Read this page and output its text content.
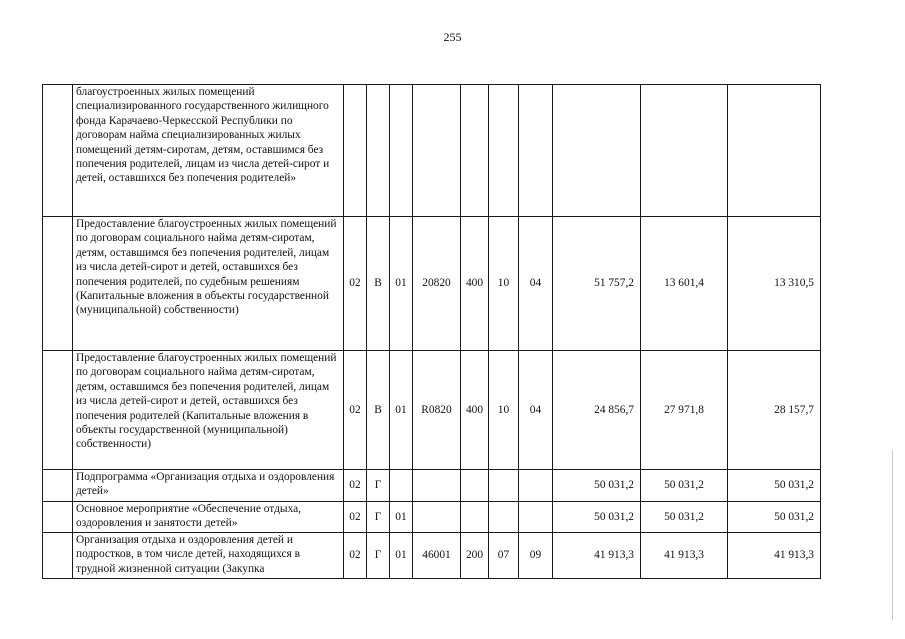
255
	благоустроенных жилых помещений специализированного государственного жилищного фонда Карачаево-Черкесской Республики по договорам найма специализированных жилых помещений детям-сиротам, детям, оставшимся без попечения родителей, лицам из числа детей-сирот и детей, оставшихся без попечения родителей»										
	Предоставление благоустроенных жилых помещений по договорам социального найма детям-сиротам, детям, оставшимся без попечения родителей, лицам из числа детей-сирот и детей, оставшихся без попечения родителей, по судебным решениям (Капитальные вложения в объекты государственной (муниципальной) собственности)	02	В	01	20820	400	10	04	51 757,2	13 601,4	13 310,5
	Предоставление благоустроенных жилых помещений по договорам социального найма детям-сиротам, детям, оставшимся без попечения родителей, лицам из числа детей-сирот и детей, оставшихся без попечения родителей (Капитальные вложения в объекты государственной (муниципальной) собственности)	02	В	01	R0820	400	10	04	24 856,7	27 971,8	28 157,7
	Подпрограмма «Организация отдыха и оздоровления детей»	02	Г						50 031,2	50 031,2	50 031,2
	Основное мероприятие «Обеспечение отдыха, оздоровления и занятости детей»	02	Г	01					50 031,2	50 031,2	50 031,2
	Организация отдыха и оздоровления детей и подростков, в том числе детей, находящихся в трудной жизненной ситуации (Закупка	02	Г	01	46001	200	07	09	41 913,3	41 913,3	41 913,3
